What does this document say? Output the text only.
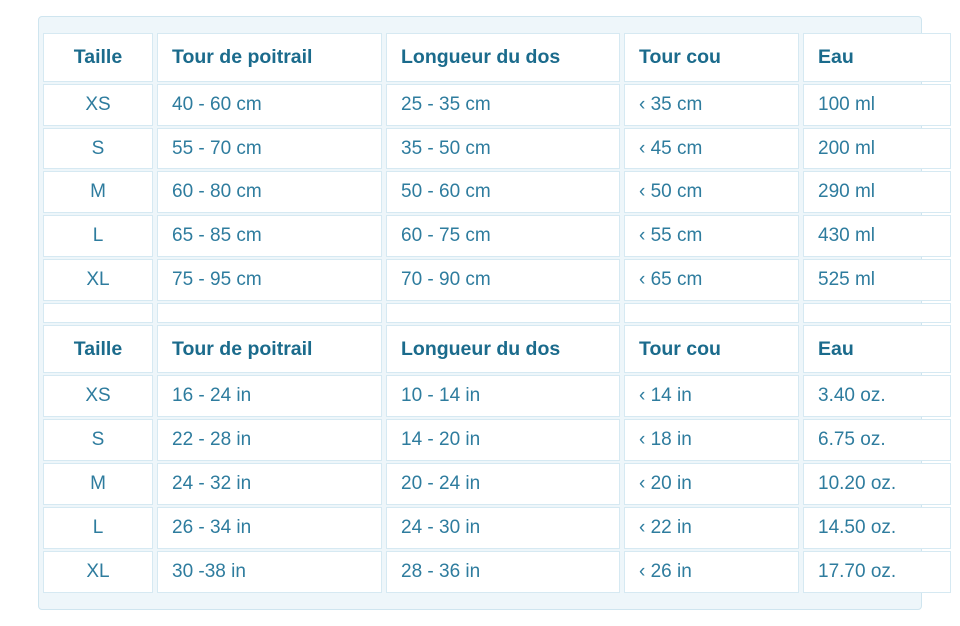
Taille	Tour de poitrail	Longueur du dos	Tour cou	Eau
XS	40 - 60 cm	25 - 35 cm	‹ 35 cm	100 ml
S	55 - 70 cm	35 - 50 cm	‹ 45 cm	200 ml
M	60 - 80 cm	50 - 60 cm	‹ 50 cm	290 ml
L	65 - 85 cm	60 - 75 cm	‹ 55 cm	430 ml
XL	75 - 95 cm	70 - 90 cm	‹ 65 cm	525 ml

Taille	Tour de poitrail	Longueur du dos	Tour cou	Eau
XS	16 - 24 in	10 - 14 in	‹ 14 in	3.40 oz.
S	22 - 28 in	14 - 20 in	‹ 18 in	6.75 oz.
M	24 - 32 in	20 - 24 in	‹ 20 in	10.20 oz.
L	26 - 34 in	24 - 30 in	‹ 22 in	14.50 oz.
XL	30 -38 in	28 - 36 in	‹ 26 in	17.70 oz.
